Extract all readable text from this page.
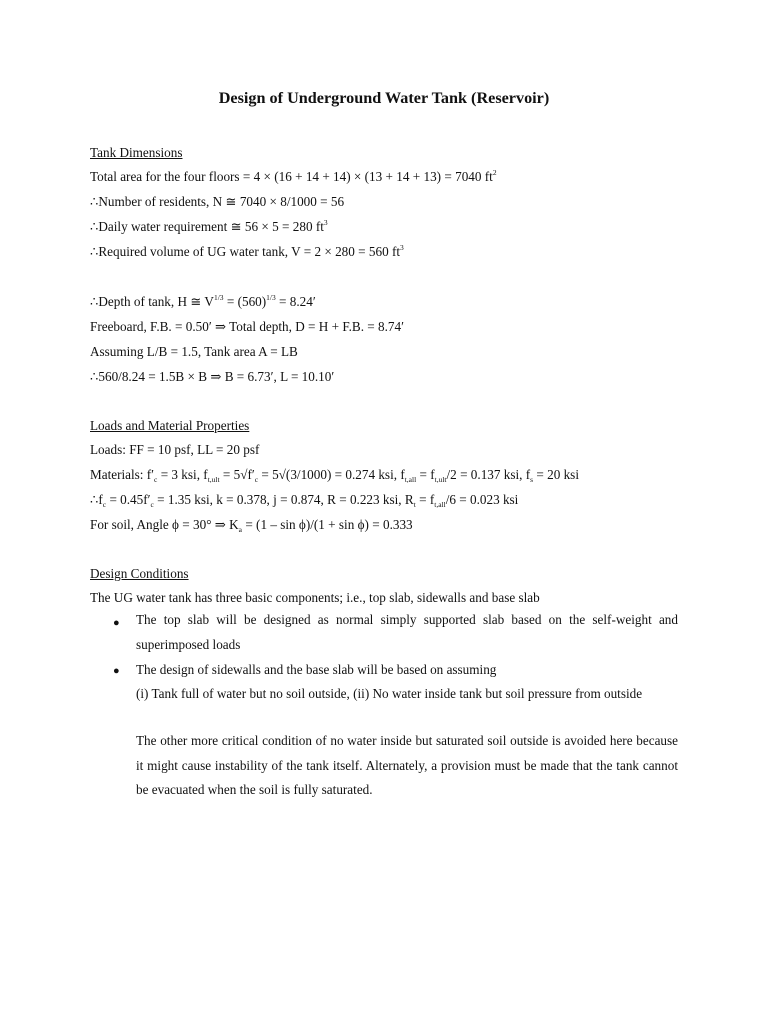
Design of Underground Water Tank (Reservoir)
Tank Dimensions
Total area for the four floors = 4 × (16 + 14 + 14) × (13 + 14 + 13) = 7040 $ft^2$
∴Number of residents, N ≅ 7040 × 8/1000 = 56
∴Daily water requirement ≅ 56 × 5 = 280 $ft^3$
∴Required volume of UG water tank, V = 2 × 280 = 560 $ft^3$
∴Depth of tank, H ≅ $V^{1/3} = (560)^{1/3} = 8.24'$
Freeboard, F.B. = 0.50′ ⇒ Total depth, D = H + F.B. = 8.74′
Assuming L/B = 1.5, Tank area A = LB
∴560/8.24 = 1.5B × B ⇒ B = 6.73′, L = 10.10′
Loads and Material Properties
Loads: FF = 10 psf, LL = 20 psf
Materials: $f'_c = 3$ ksi, $f_{t,ult} = 5√f'_c = 5√(3/1000) = 0.274$ ksi, $f_{t,all} = f_{t,ult}/2 = 0.137$ ksi, $f_s = 20$ ksi
$\therefore f_c = 0.45f'_c = 1.35$ ksi, k = 0.378, j = 0.874, R = 0.223 ksi, $R_t = f_{t,all}/6 = 0.023$ ksi
For soil, Angle ϕ = 30° ⇒ $K_a = (1 - \sin \phi)/(1 + \sin \phi) = 0.333$
Design Conditions
The UG water tank has three basic components; i.e., top slab, sidewalls and base slab
● The top slab will be designed as normal simply supported slab based on the self-weight and superimposed loads
● The design of sidewalls and the base slab will be based on assuming
(i) Tank full of water but no soil outside, (ii) No water inside tank but soil pressure from outside
The other more critical condition of no water inside but saturated soil outside is avoided here because it might cause instability of the tank itself. Alternately, a provision must be made that the tank cannot be evacuated when the soil is fully saturated.
